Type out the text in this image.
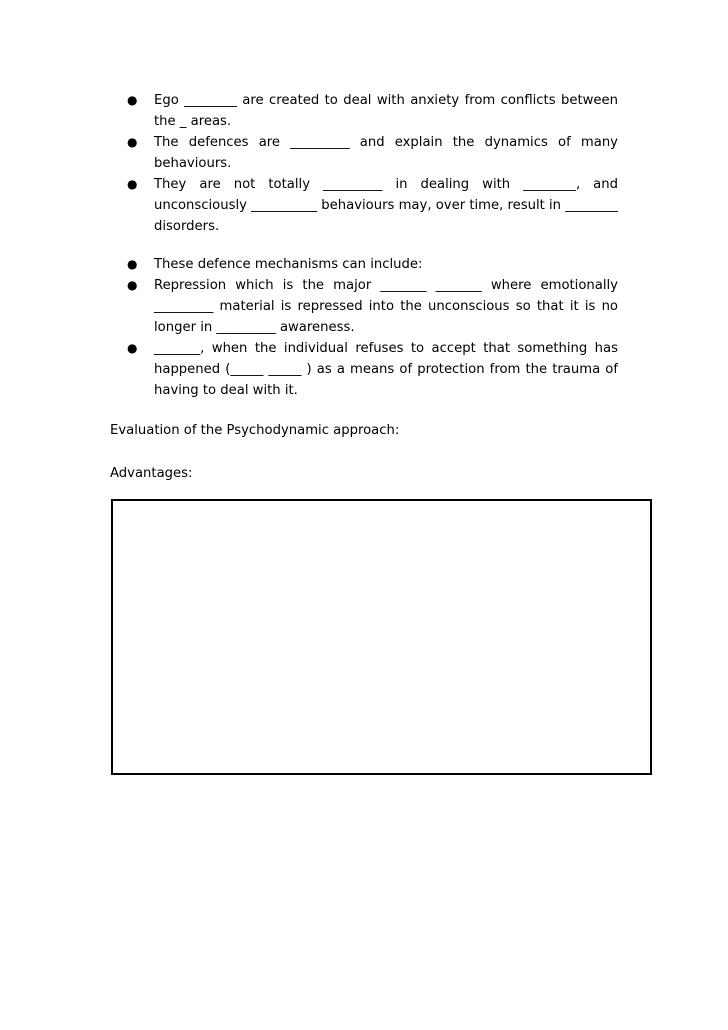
● Ego ________ are created to deal with anxiety from conflicts between the _ areas.
● The defences are _________ and explain the dynamics of many behaviours.
● They are not totally _________ in dealing with ________, and unconsciously __________ behaviours may, over time, result in ________ disorders.
● These defence mechanisms can include:
● Repression which is the major _______ _______ where emotionally _________ material is repressed into the unconscious so that it is no longer in _________ awareness.
● _______, when the individual refuses to accept that something has happened (_____ _____ ) as a means of protection from the trauma of having to deal with it.
Evaluation of the Psychodynamic approach:
Advantages:
